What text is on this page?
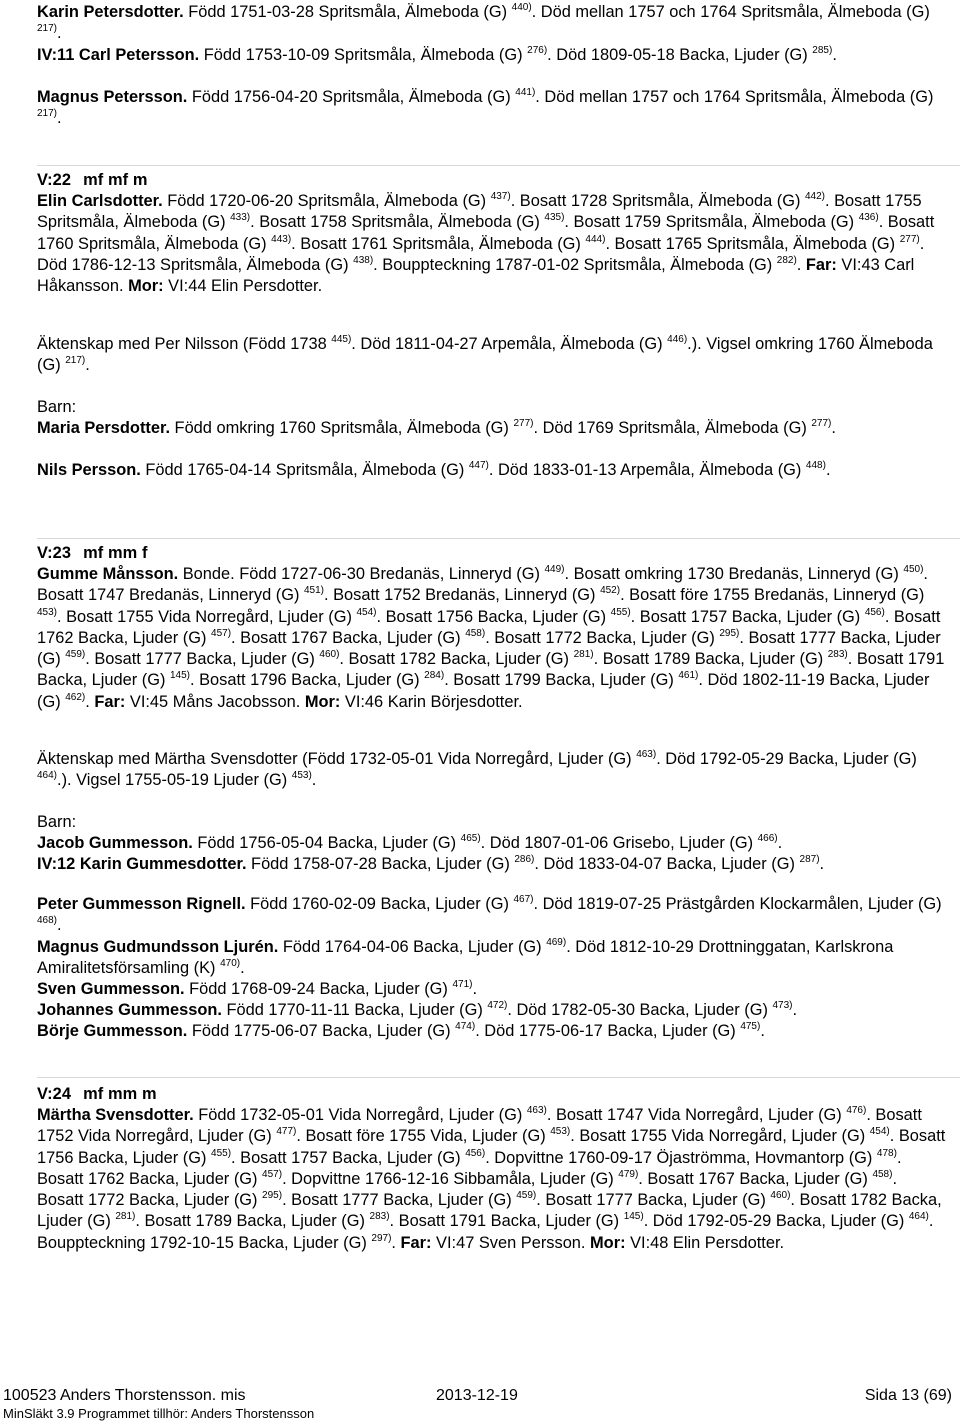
Karin Petersdotter. Född 1751-03-28 Spritsmåla, Älmeboda (G) $^{440)}$. Död mellan 1757 och 1764 Spritsmåla, Älmeboda (G) $^{217)}$.

IV:11 Carl Petersson. Född 1753-10-09 Spritsmåla, Älmeboda (G) $^{276)}$. Död 1809-05-18 Backa, Ljuder (G) $^{285)}$.

Magnus Petersson. Född 1756-04-20 Spritsmåla, Älmeboda (G) $^{441)}$. Död mellan 1757 och 1764 Spritsmåla, Älmeboda (G) $^{217)}$.

V:22 mf mf m

Elin Carlsdotter. Född 1720-06-20 Spritsmåla, Älmeboda (G) $^{437)}$. Bosatt 1728 Spritsmåla, Älmeboda (G) $^{442)}$. Bosatt 1755 Spritsmåla, Älmeboda (G) $^{433)}$. Bosatt 1758 Spritsmåla, Älmeboda (G) $^{435)}$. Bosatt 1759 Spritsmåla, Älmeboda (G) $^{436)}$. Bosatt 1760 Spritsmåla, Älmeboda (G) $^{443)}$. Bosatt 1761 Spritsmåla, Älmeboda (G) $^{444)}$. Bosatt 1765 Spritsmåla, Älmeboda (G) $^{277)}$. Död 1786-12-13 Spritsmåla, Älmeboda (G) $^{438)}$. Bouppteckning 1787-01-02 Spritsmåla, Älmeboda (G) $^{282)}$. Far: VI:43 Carl Håkansson. Mor: VI:44 Elin Persdotter.

Äktenskap med Per Nilsson (Född 1738 $^{445)}$. Död 1811-04-27 Arpemåla, Älmeboda (G) $^{446)}$.). Vigsel omkring 1760 Älmeboda (G) $^{217)}$.

Barn:

Maria Persdotter. Född omkring 1760 Spritsmåla, Älmeboda (G) $^{277)}$. Död 1769 Spritsmåla, Älmeboda (G) $^{277)}$.

Nils Persson. Född 1765-04-14 Spritsmåla, Älmeboda (G) $^{447)}$. Död 1833-01-13 Arpemåla, Älmeboda (G) $^{448)}$.

V:23 mf mm f

Gumme Månsson. Bonde. Född 1727-06-30 Bredanäs, Linneryd (G) $^{449)}$. Bosatt omkring 1730 Bredanäs, Linneryd (G) $^{450)}$. Bosatt 1747 Bredanäs, Linneryd (G) $^{451)}$. Bosatt 1752 Bredanäs, Linneryd (G) $^{452)}$. Bosatt före 1755 Bredanäs, Linneryd (G) $^{453)}$. Bosatt 1755 Vida Norregård, Ljuder (G) $^{454)}$. Bosatt 1756 Backa, Ljuder (G) $^{455)}$. Bosatt 1757 Backa, Ljuder (G) $^{456)}$. Bosatt 1762 Backa, Ljuder (G) $^{457)}$. Bosatt 1767 Backa, Ljuder (G) $^{458)}$. Bosatt 1772 Backa, Ljuder (G) $^{295)}$. Bosatt 1777 Backa, Ljuder (G) $^{459)}$. Bosatt 1777 Backa, Ljuder (G) $^{460)}$. Bosatt 1782 Backa, Ljuder (G) $^{281)}$. Bosatt 1789 Backa, Ljuder (G) $^{283)}$. Bosatt 1791 Backa, Ljuder (G) $^{145)}$. Bosatt 1796 Backa, Ljuder (G) $^{284)}$. Bosatt 1799 Backa, Ljuder (G) $^{461)}$. Död 1802-11-19 Backa, Ljuder (G) $^{462)}$. Far: VI:45 Måns Jacobsson. Mor: VI:46 Karin Börjesdotter.

Äktenskap med Märtha Svensdotter (Född 1732-05-01 Vida Norregård, Ljuder (G) $^{463)}$. Död 1792-05-29 Backa, Ljuder (G) $^{464)}$.). Vigsel 1755-05-19 Ljuder (G) $^{453)}$.

Barn:

Jacob Gummesson. Född 1756-05-04 Backa, Ljuder (G) $^{465)}$. Död 1807-01-06 Grisebo, Ljuder (G) $^{466)}$.

IV:12 Karin Gummesdotter. Född 1758-07-28 Backa, Ljuder (G) $^{286)}$. Död 1833-04-07 Backa, Ljuder (G) $^{287)}$.

Peter Gummesson Rignell. Född 1760-02-09 Backa, Ljuder (G) $^{467)}$. Död 1819-07-25 Prästgården Klockarmålen, Ljuder (G) $^{468)}$.

Magnus Gudmundsson Ljurén. Född 1764-04-06 Backa, Ljuder (G) $^{469)}$. Död 1812-10-29 Drottninggatan, Karlskrona Amiralitetsförsamling (K) $^{470)}$.

Sven Gummesson. Född 1768-09-24 Backa, Ljuder (G) $^{471)}$.

Johannes Gummesson. Född 1770-11-11 Backa, Ljuder (G) $^{472)}$. Död 1782-05-30 Backa, Ljuder (G) $^{473)}$.

Börje Gummesson. Född 1775-06-07 Backa, Ljuder (G) $^{474)}$. Död 1775-06-17 Backa, Ljuder (G) $^{475)}$.

V:24 mf mm m

Märtha Svensdotter. Född 1732-05-01 Vida Norregård, Ljuder (G) $^{463)}$. Bosatt 1747 Vida Norregård, Ljuder (G) $^{476)}$. Bosatt 1752 Vida Norregård, Ljuder (G) $^{477)}$. Bosatt före 1755 Vida, Ljuder (G) $^{453)}$. Bosatt 1755 Vida Norregård, Ljuder (G) $^{454)}$. Bosatt 1756 Backa, Ljuder (G) $^{455)}$. Bosatt 1757 Backa, Ljuder (G) $^{456)}$. Dopvittne 1760-09-17 Öjaströmma, Hovmantorp (G) $^{478)}$. Bosatt 1762 Backa, Ljuder (G) $^{457)}$. Dopvittne 1766-12-16 Sibbamåla, Ljuder (G) $^{479)}$. Bosatt 1767 Backa, Ljuder (G) $^{458)}$. Bosatt 1772 Backa, Ljuder (G) $^{295)}$. Bosatt 1777 Backa, Ljuder (G) $^{459)}$. Bosatt 1777 Backa, Ljuder (G) $^{460)}$. Bosatt 1782 Backa, Ljuder (G) $^{281)}$. Bosatt 1789 Backa, Ljuder (G) $^{283)}$. Bosatt 1791 Backa, Ljuder (G) $^{145)}$. Död 1792-05-29 Backa, Ljuder (G) $^{464)}$. Bouppteckning 1792-10-15 Backa, Ljuder (G) $^{297)}$. Far: VI:47 Sven Persson. Mor: VI:48 Elin Persdotter.

100523 Anders Thorstensson. mis	2013-12-19	Sida 13 (69)
MinSläkt 3.9 Programmet tillhör: Anders Thorstensson
